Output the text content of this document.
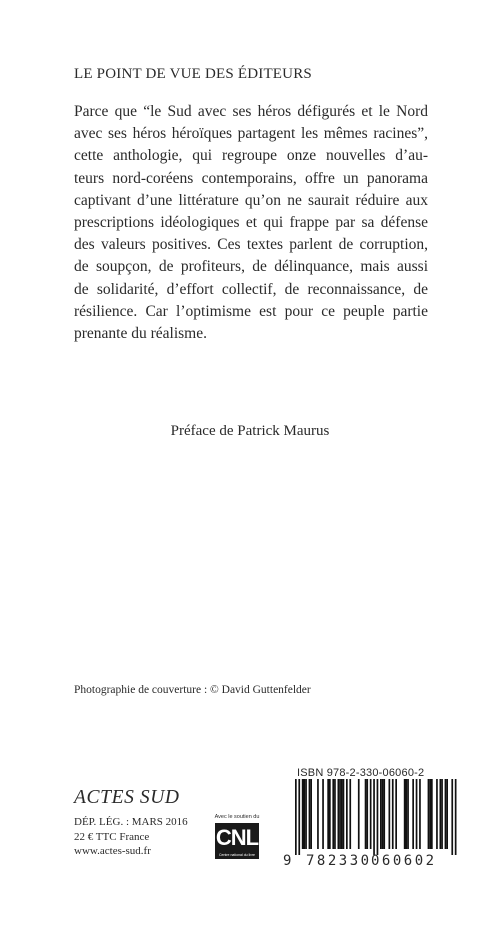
LE POINT DE VUE DES ÉDITEURS
Parce que “le Sud avec ses héros défigurés et le Nord
avec ses héros héroïques partagent les mêmes racines”,
cette anthologie, qui regroupe onze nouvelles d’au-
teurs nord-coréens contemporains, offre un panorama
captivant d’une littérature qu’on ne saurait réduire aux
prescriptions idéologiques et qui frappe par sa défense
des valeurs positives. Ces textes parlent de corruption,
de soupçon, de profiteurs, de délinquance, mais aussi
de solidarité, d’effort collectif, de reconnaissance, de
résilience. Car l’optimisme est pour ce peuple partie
prenante du réalisme.
Préface de Patrick Maurus
Photographie de couverture : © David Guttenfelder
ACTES SUD
DÉP. LÉG. : MARS 2016
22 € TTC France
www.actes-sud.fr
Avec le soutien du
CNL
Centre national du livre
ISBN 978-2-330-06060-2
9 782330 060602
